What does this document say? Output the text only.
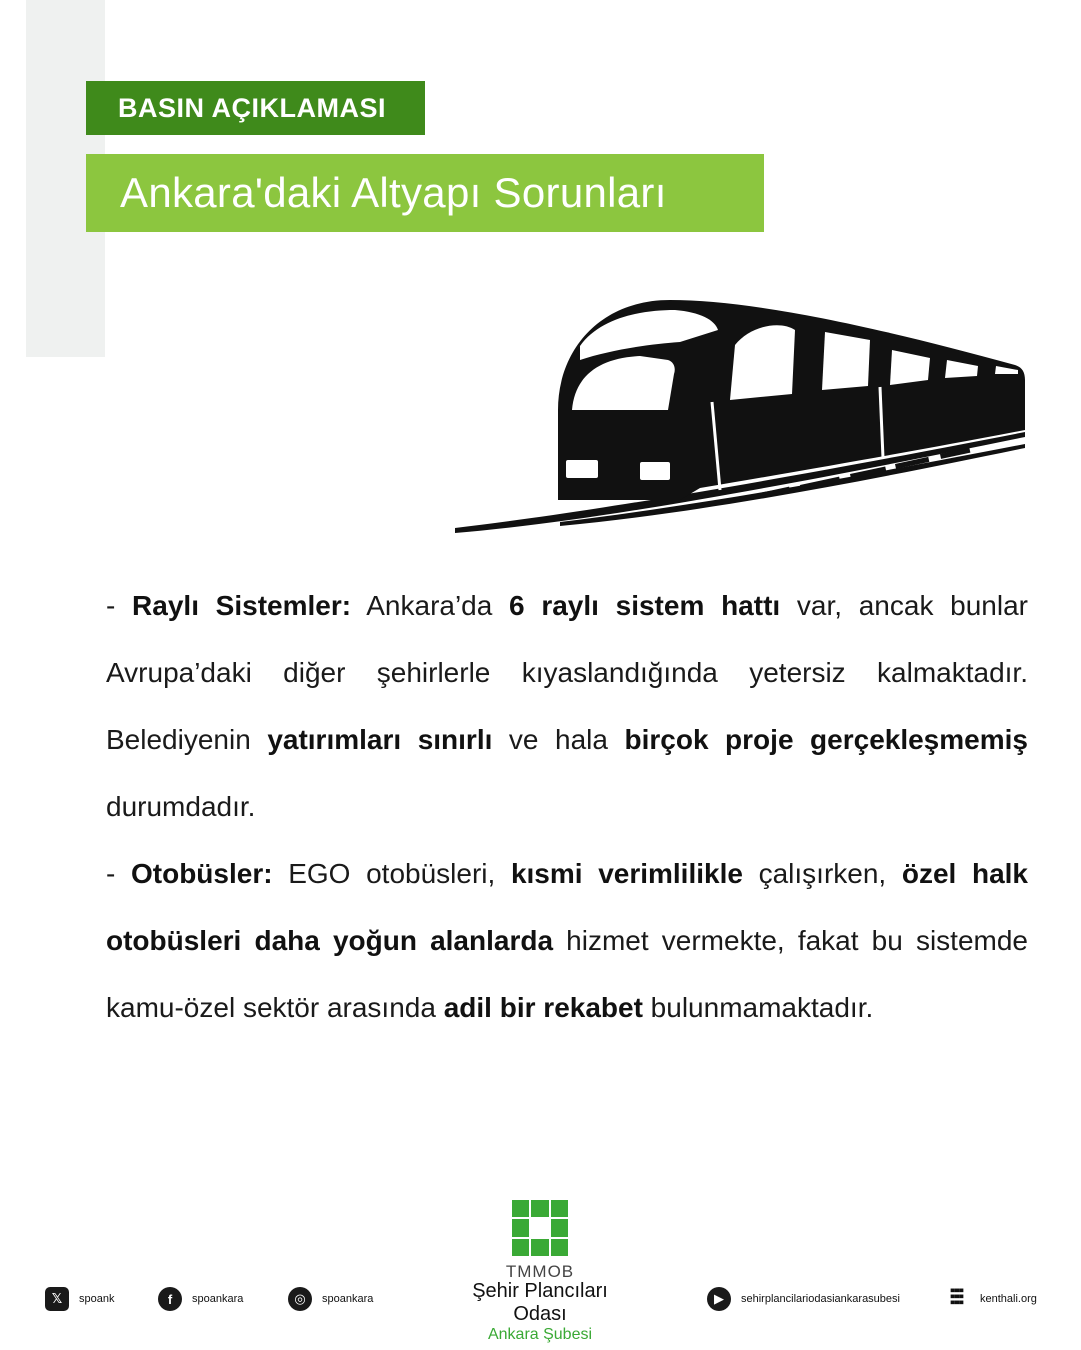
BASIN AÇIKLAMASI
Ankara'daki Altyapı Sorunları

- Raylı Sistemler: Ankara’da 6 raylı sistem hattı var, ancak bunlar Avrupa’daki diğer şehirlerle kıyaslandığında yetersiz kalmaktadır. Belediyenin yatırımları sınırlı ve hala birçok proje gerçekleşmemiş durumdadır.

- Otobüsler: EGO otobüsleri, kısmi verimlilikle çalışırken, özel halk otobüsleri daha yoğun alanlarda hizmet vermekte, fakat bu sistemde kamu-özel sektör arasında adil bir rekabet bulunmamaktadır.

TMMOB
Şehir Plancıları Odası
Ankara Şubesi
𝕏	spoank	f	spoankara	◎	spoankara	▶	sehirplancilariodasiankarasubesi	▀▀▀
▀▀▀
▀▀▀ kenthali.org
